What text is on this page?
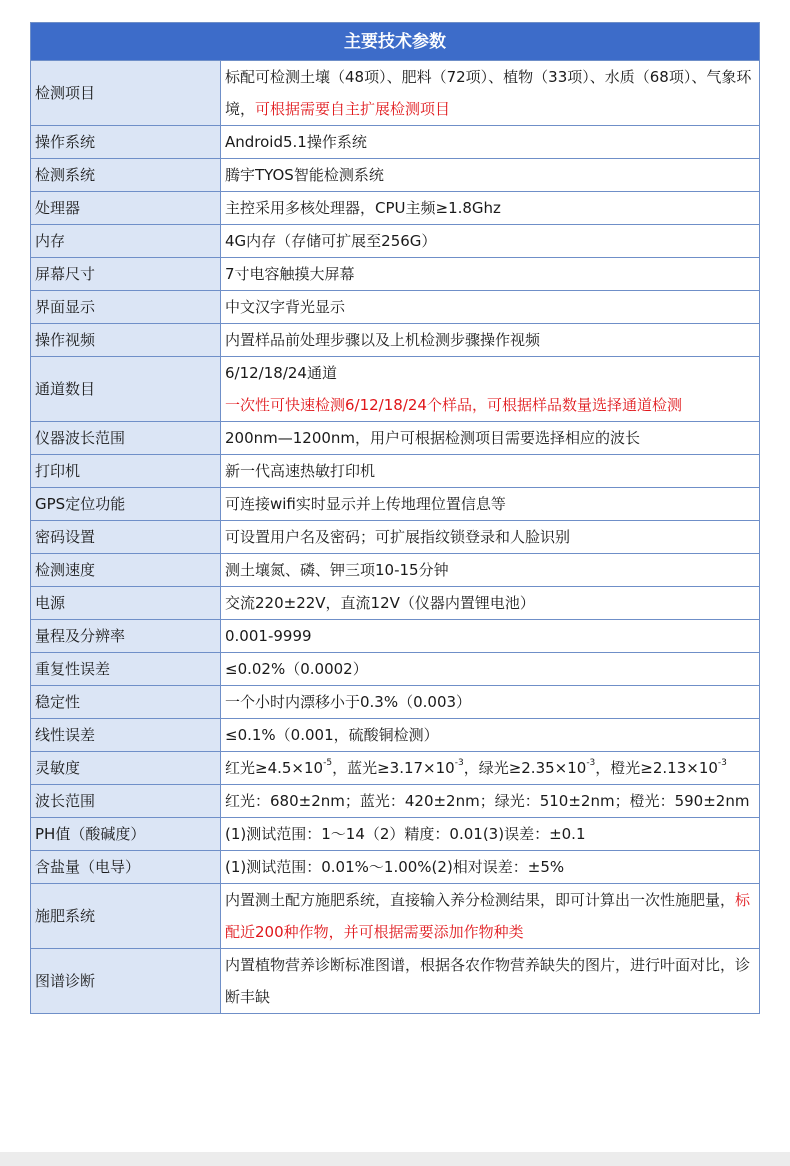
主要技术参数	
检测项目	标配可检测土壤（48项）、肥料（72项）、植物（33项）、水质（68项）、气象环境，可根据需要自主扩展检测项目
操作系统	Android5.1操作系统
检测系统	腾宇TYOS智能检测系统
处理器	主控采用多核处理器，CPU主频≥1.8Ghz
内存	4G内存（存储可扩展至256G）
屏幕尺寸	7寸电容触摸大屏幕
界面显示	中文汉字背光显示
操作视频	内置样品前处理步骤以及上机检测步骤操作视频
通道数目	6/12/18/24通道
一次性可快速检测6/12/18/24个样品，可根据样品数量选择通道检测

仪器波长范围	200nm—1200nm，用户可根据检测项目需要选择相应的波长
打印机	新一代高速热敏打印机
GPS定位功能	可连接wifi实时显示并上传地理位置信息等
密码设置	可设置用户名及密码；可扩展指纹锁登录和人脸识别
检测速度	测土壤氮、磷、钾三项10-15分钟
电源	交流220±22V，直流12V（仪器内置锂电池）
量程及分辨率	0.001-9999
重复性误差	≤0.02%（0.0002）
稳定性	一个小时内漂移小于0.3%（0.003）
线性误差	≤0.1%（0.001，硫酸铜检测）
灵敏度	红光$\ge 4.5\times 10^{-5}$，蓝光$\ge 3.17\times 10^{-3}$，绿光$\ge 2.35\times 10^{-3}$，橙光$\ge 2.13\times 10^{-3}$
波长范围	红光：680±2nm；蓝光：420±2nm；绿光：510±2nm；橙光：590±2nm
PH值（酸碱度）	(1)测试范围：1～14（2）精度：0.01(3)误差：±0.1
含盐量（电导）	(1)测试范围：0.01%～1.00%(2)相对误差：±5%
施肥系统	内置测土配方施肥系统，直接输入养分检测结果，即可计算出一次性施肥量，标配近200种作物，并可根据需要添加作物种类
图谱诊断	内置植物营养诊断标准图谱，根据各农作物营养缺失的图片，进行叶面对比，诊断丰缺
